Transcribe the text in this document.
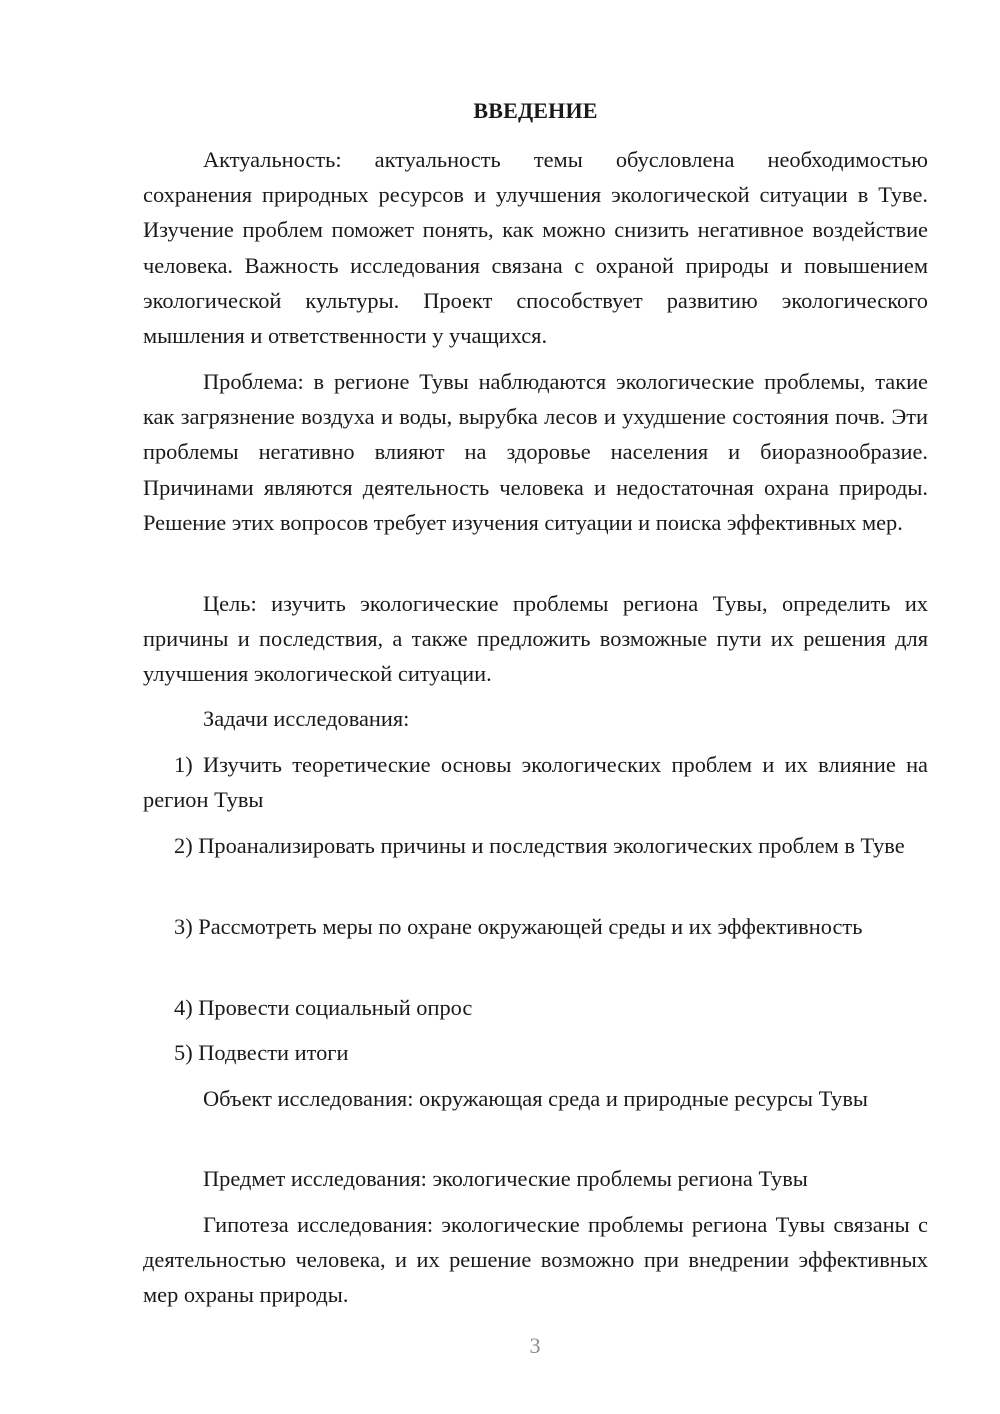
ВВЕДЕНИЕ

Актуальность: актуальность темы обусловлена необходимостью сохранения природных ресурсов и улучшения экологической ситуации в Туве. Изучение проблем поможет понять, как можно снизить негативное воздействие человека. Важность исследования связана с охраной природы и повышением экологической культуры. Проект способствует развитию экологического мышления и ответственности у учащихся.

Проблема: в регионе Тувы наблюдаются экологические проблемы, такие как загрязнение воздуха и воды, вырубка лесов и ухудшение состояния почв. Эти проблемы негативно влияют на здоровье населения и биоразнообразие. Причинами являются деятельность человека и недостаточная охрана природы. Решение этих вопросов требует изучения ситуации и поиска эффективных мер.

Цель: изучить экологические проблемы региона Тувы, определить их причины и последствия, а также предложить возможные пути их решения для улучшения экологической ситуации.

Задачи исследования:

1) Изучить теоретические основы экологических проблем и их влияние на регион Тувы

2) Проанализировать причины и последствия экологических проблем в Туве

3) Рассмотреть меры по охране окружающей среды и их эффективность

4) Провести социальный опрос

5) Подвести итоги

Объект исследования: окружающая среда и природные ресурсы Тувы

Предмет исследования: экологические проблемы региона Тувы

Гипотеза исследования: экологические проблемы региона Тувы связаны с деятельностью человека, и их решение возможно при внедрении эффективных мер охраны природы.

3
